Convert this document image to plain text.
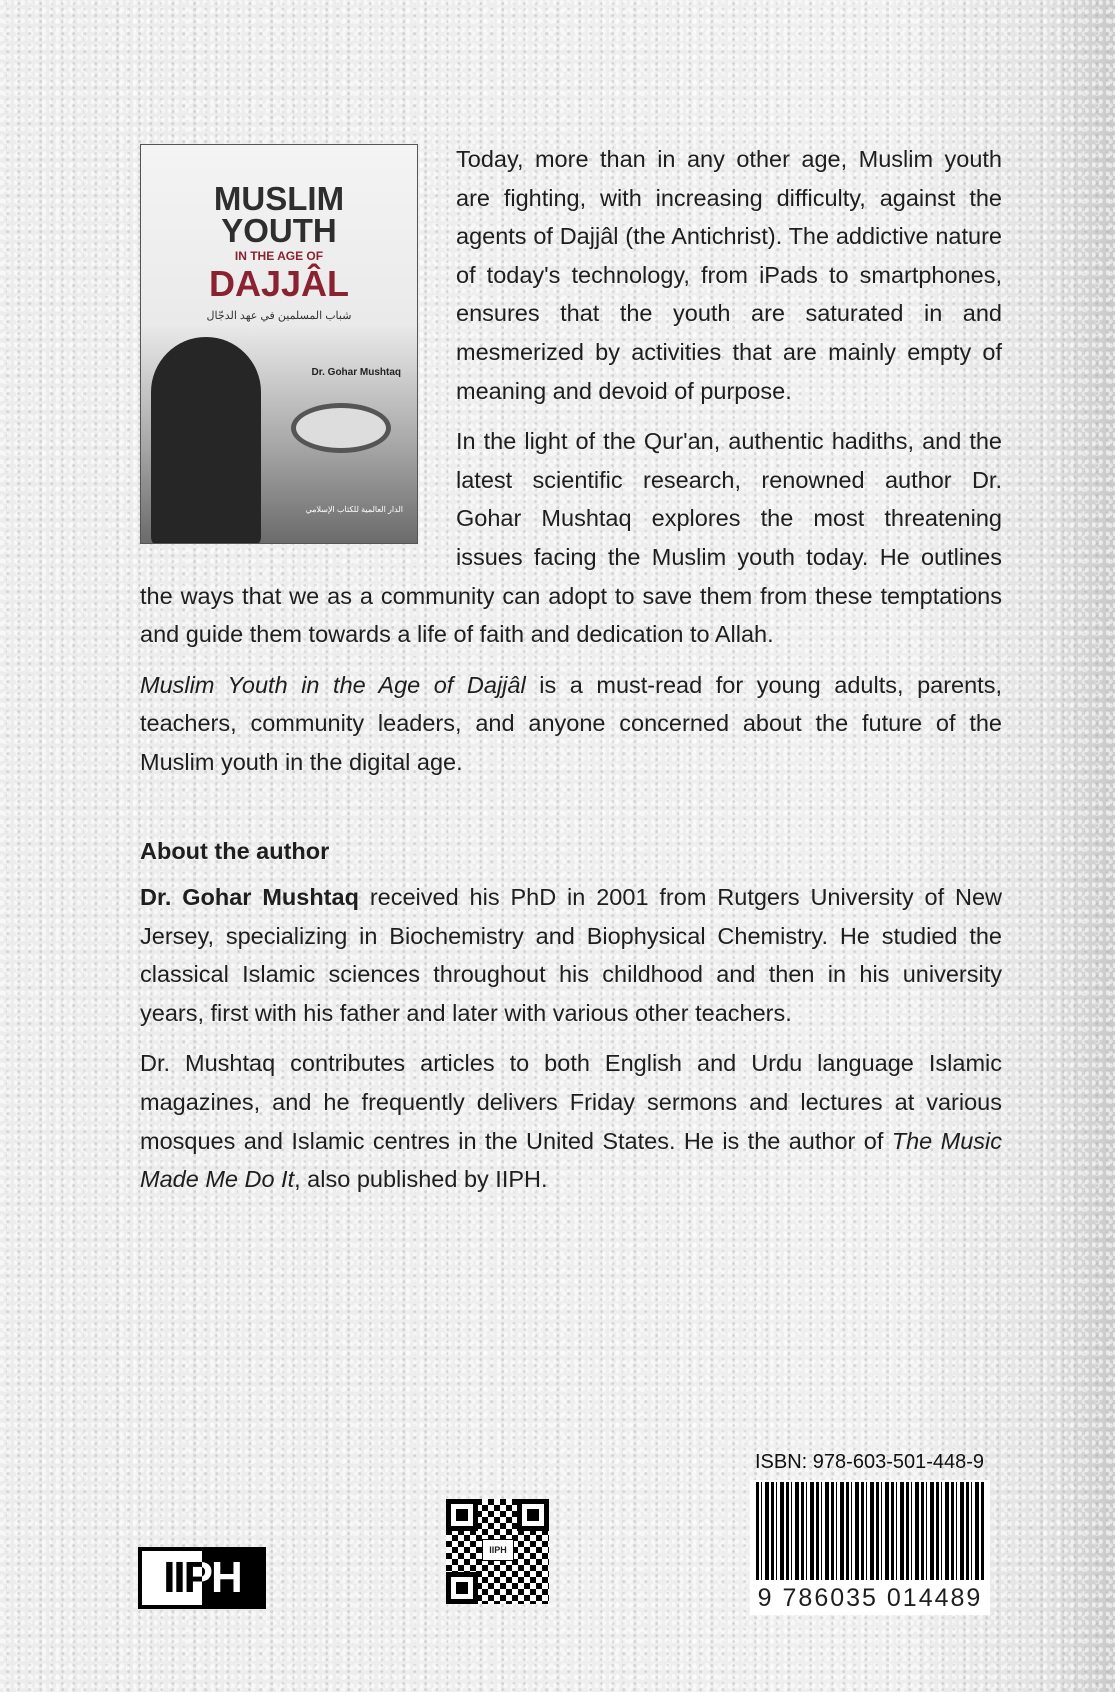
MUSLIM
YOUTH
IN THE AGE OF
DAJJÂL
شباب المسلمين في عهد الدجّال
Dr. Gohar Mushtaq
الدار العالمية للكتاب الإسلامي

Today, more than in any other age, Muslim youth are fighting, with increasing difficulty, against the agents of Dajjâl (the Antichrist). The addictive nature of today's technology, from iPads to smartphones, ensures that the youth are saturated in and mesmerized by activities that are mainly empty of meaning and devoid of purpose.

In the light of the Qur'an, authentic hadiths, and the latest scientific research, renowned author Dr. Gohar Mushtaq explores the most threatening issues facing the Muslim youth today. He outlines the ways that we as a community can adopt to save them from these temptations and guide them towards a life of faith and dedication to Allah.

Muslim Youth in the Age of Dajjâl is a must-read for young adults, parents, teachers, community leaders, and anyone concerned about the future of the Muslim youth in the digital age.

About the author

Dr. Gohar Mushtaq received his PhD in 2001 from Rutgers University of New Jersey, specializing in Biochemistry and Biophysical Chemistry. He studied the classical Islamic sciences throughout his childhood and then in his university years, first with his father and later with various other teachers.

Dr. Mushtaq contributes articles to both English and Urdu language Islamic magazines, and he frequently delivers Friday sermons and lectures at various mosques and Islamic centres in the United States. He is the author of The Music Made Me Do It, also published by IIPH.

IIPH
IIPH
ISBN: 978-603-501-448-9
9 786035 014489
